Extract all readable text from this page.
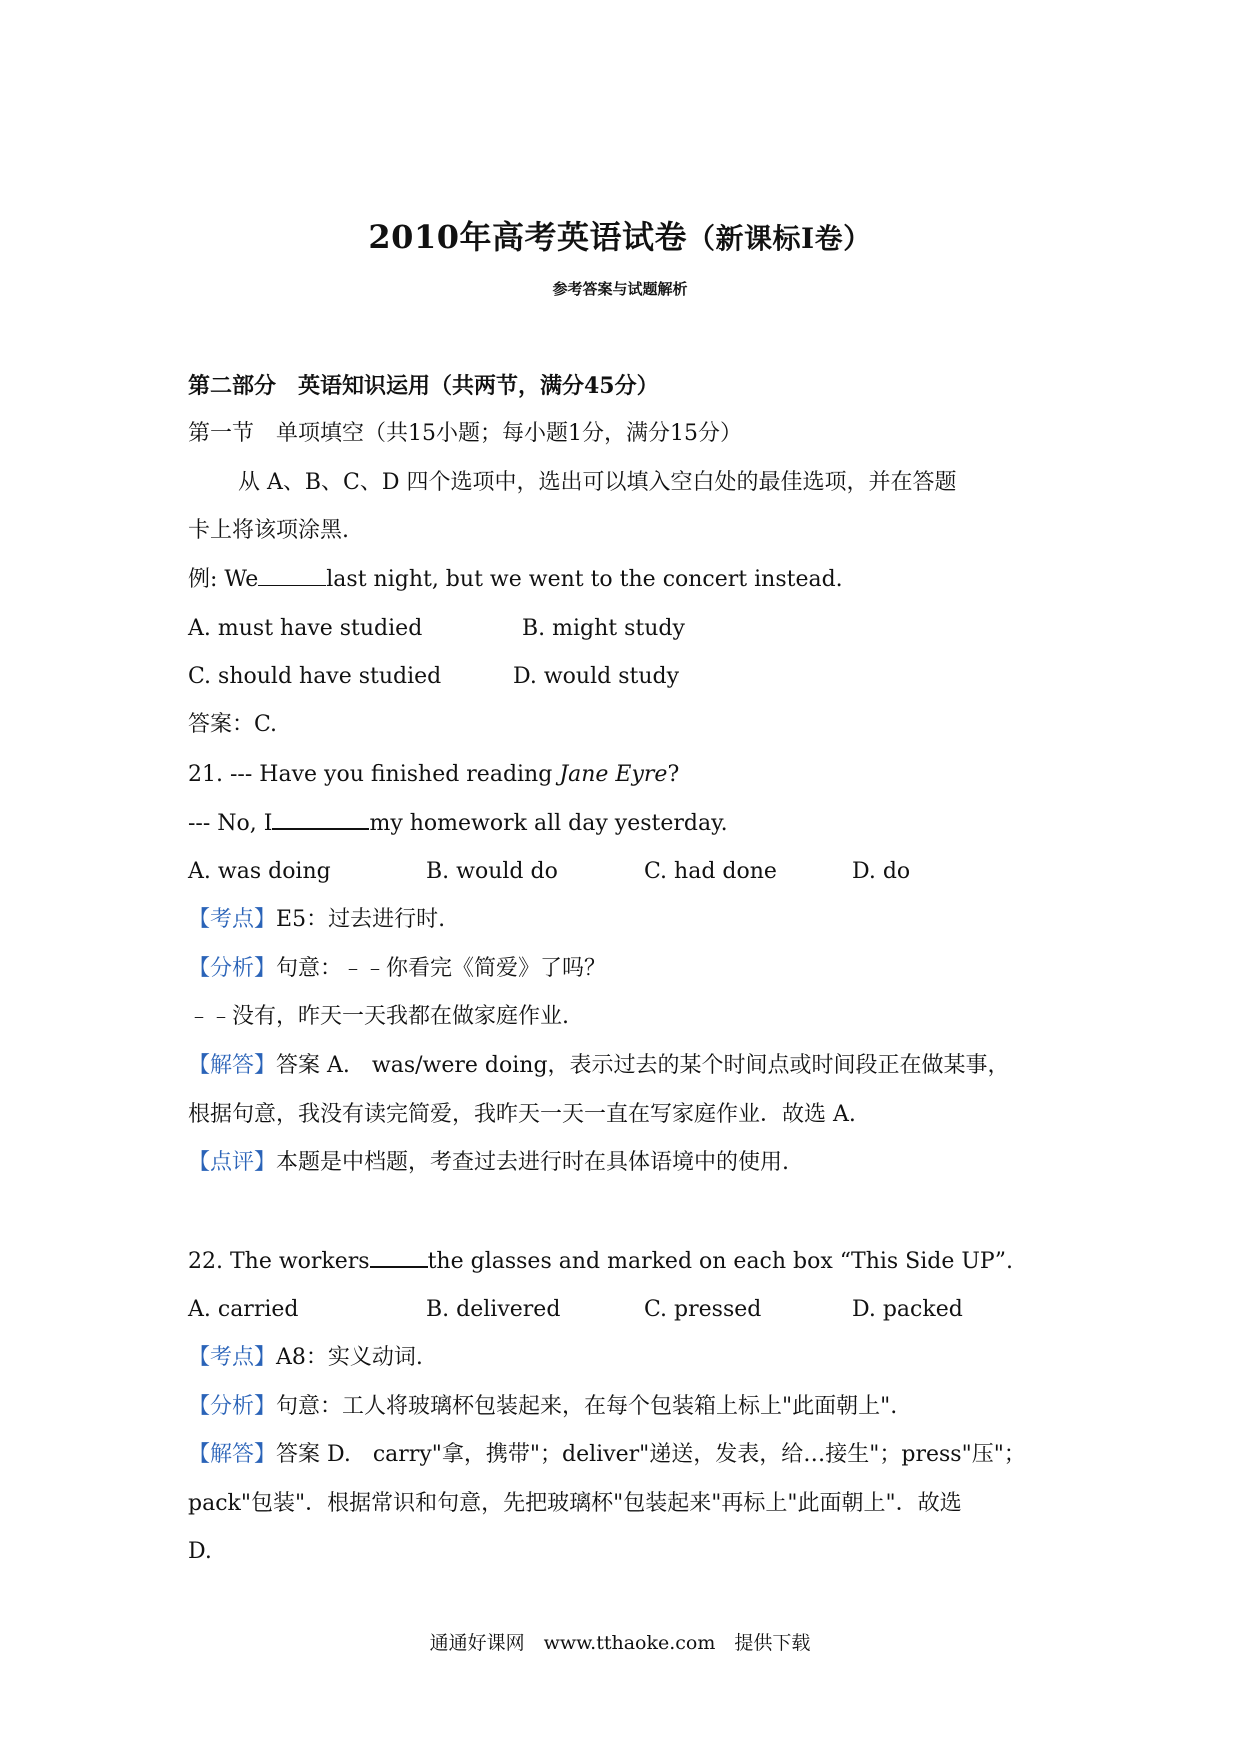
2010年高考英语试卷（新课标I卷）
参考答案与试题解析
第二部分　英语知识运用（共两节，满分45分）
第一节　单项填空（共15小题；每小题1分，满分15分）
从 A、B、C、D 四个选项中，选出可以填入空白处的最佳选项，并在答题
卡上将该项涂黑.
例: We	last night, but we went to the concert instead.
A. must have studied	B. might study
C. should have studied	D. would study
答案：C.
21. --- Have you finished reading Jane Eyre?
--- No, I	my homework all day yesterday.
A. was doing	B. would do	C. had done	D. do
【考点】E5：过去进行时.
【分析】句意：﹣﹣你看完《简爱》了吗？
﹣﹣没有，昨天一天我都在做家庭作业.
【解答】答案 A.　was/were doing，表示过去的某个时间点或时间段正在做某事，
根据句意，我没有读完简爱，我昨天一天一直在写家庭作业．故选 A.
【点评】本题是中档题，考查过去进行时在具体语境中的使用.
22. The workers	the glasses and marked on each box “This Side UP”.
A. carried	B. delivered	C. pressed	D. packed
【考点】A8：实义动词.
【分析】句意：工人将玻璃杯包装起来，在每个包装箱上标上"此面朝上".
【解答】答案 D.　carry"拿，携带"；deliver"递送，发表，给…接生"；press"压"；
pack"包装"．根据常识和句意，先把玻璃杯"包装起来"再标上"此面朝上"．故选
D.
通通好课网　www.tthaoke.com　提供下载
